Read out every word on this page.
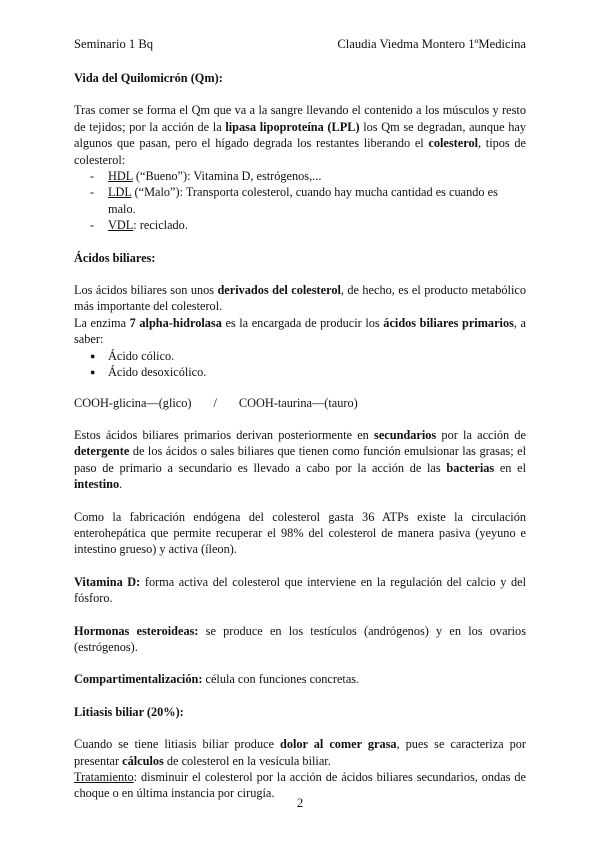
Seminario 1 Bq	Claudia Viedma Montero 1ºMedicina

Vida del Quilomicrón (Qm):

Tras comer se forma el Qm que va a la sangre llevando el contenido a los músculos y resto de tejidos; por la acción de la lipasa lipoproteína (LPL) los Qm se degradan, aunque hay algunos que pasan, pero el hígado degrada los restantes liberando el colesterol, tipos de colesterol:

- HDL (“Bueno”): Vitamina D, estrógenos,...
- LDL (“Malo”): Transporta colesterol, cuando hay mucha cantidad es cuando es malo.
- VDL: reciclado.

Ácidos biliares:

Los ácidos biliares son unos derivados del colesterol, de hecho, es el producto metabólico más importante del colesterol.

La enzima 7 alpha-hidrolasa es la encargada de producir los ácidos biliares primarios, a saber:

● Ácido cólico.
● Ácido desoxicólico.

COOH-glicina—(glico) / COOH-taurina—(tauro)

Estos ácidos biliares primarios derivan posteriormente en secundarios por la acción de detergente de los ácidos o sales biliares que tienen como función emulsionar las grasas; el paso de primario a secundario es llevado a cabo por la acción de las bacterias en el intestino.

Como la fabricación endógena del colesterol gasta 36 ATPs existe la circulación enterohepática que permite recuperar el 98% del colesterol de manera pasiva (yeyuno e intestino grueso) y activa (íleon).

Vitamina D: forma activa del colesterol que interviene en la regulación del calcio y del fósforo.

Hormonas esteroideas: se produce en los testículos (andrógenos) y en los ovarios (estrógenos).

Compartimentalización: célula con funciones concretas.

Litiasis biliar (20%):

Cuando se tiene litiasis biliar produce dolor al comer grasa, pues se caracteriza por presentar cálculos de colesterol en la vesícula biliar.

Tratamiento: disminuir el colesterol por la acción de ácidos biliares secundarios, ondas de choque o en última instancia por cirugía.

2
